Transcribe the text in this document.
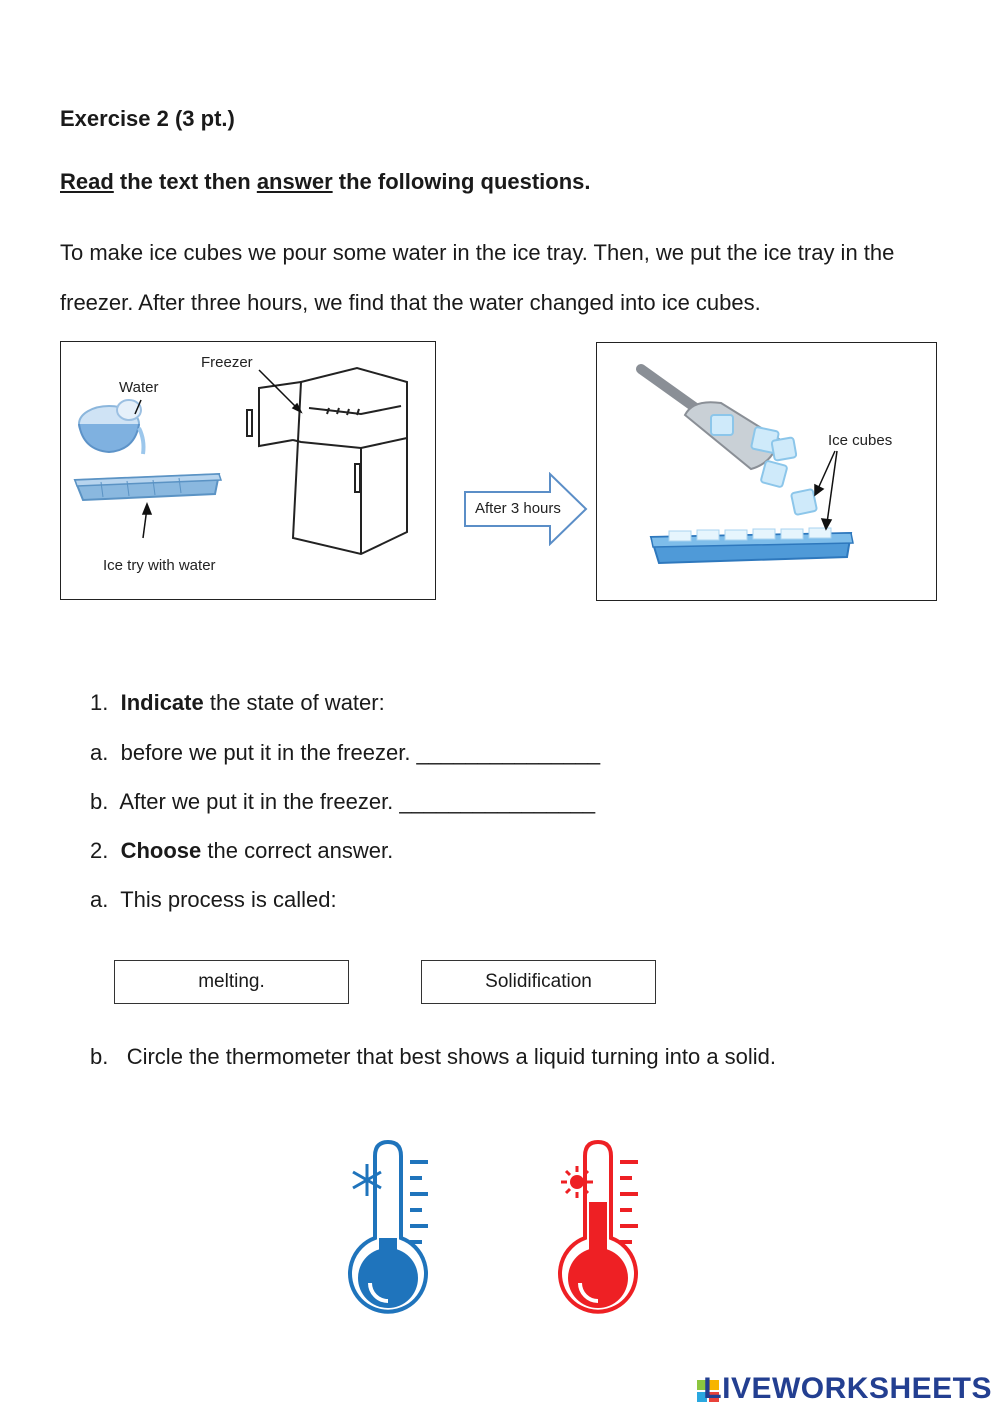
Exercise 2 (3 pt.)
Read the text then answer the following questions.
To make ice cubes we pour some water in the ice tray. Then, we put the ice tray in the freezer. After three hours, we find that the water changed into ice cubes.
Freezer
Water
Ice try with water
After 3 hours
Ice cubes
1. Indicate the state of water:
a. before we put it in the freezer. _______________
b. After we put it in the freezer. ________________
2. Choose the correct answer.
a. This process is called:
melting.	Solidification
b. Circle the thermometer that best shows a liquid turning into a solid.
LIVEWORKSHEETS
